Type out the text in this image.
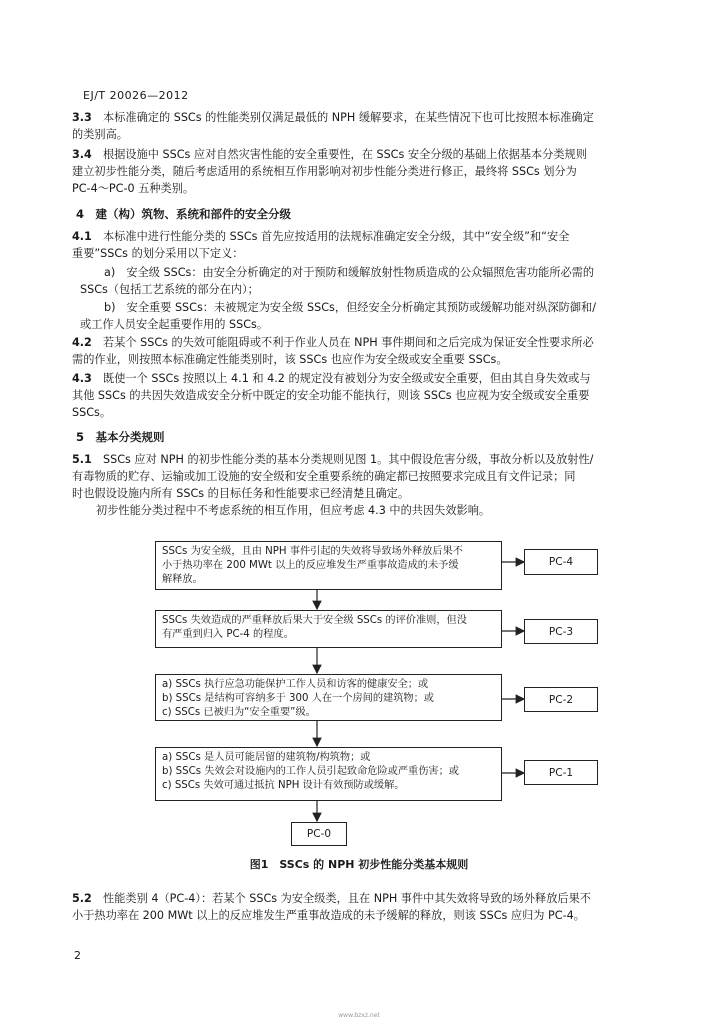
EJ/T 20026—2012
3.3　 本标准确定的 SSCs 的性能类别仅满足最低的 NPH 缓解要求，在某些情况下也可比按照本标准确定
的类别高。
3.4　 根据设施中 SSCs 应对自然灾害性能的安全重要性，在 SSCs 安全分级的基础上依据基本分类规则
建立初步性能分类，随后考虑适用的系统相互作用影响对初步性能分类进行修正，最终将 SSCs 划分为
PC-4～PC-0 五种类别。
4　 建（构）筑物、系统和部件的安全分级
4.1　 本标准中进行性能分类的 SSCs 首先应按适用的法规标准确定安全分级，其中“安全级”和“安全
重要”SSCs 的划分采用以下定义：
a)　安全级 SSCs：由安全分析确定的对于预防和缓解放射性物质造成的公众辐照危害功能所必需的
SSCs（包括工艺系统的部分在内）；
b)　安全重要 SSCs：未被规定为安全级 SSCs，但经安全分析确定其预防或缓解功能对纵深防御和/
或工作人员安全起重要作用的 SSCs。
4.2　 若某个 SSCs 的失效可能阻碍或不利于作业人员在 NPH 事件期间和之后完成为保证安全性要求所必
需的作业，则按照本标准确定性能类别时，该 SSCs 也应作为安全级或安全重要 SSCs。
4.3　 既使一个 SSCs 按照以上 4.1 和 4.2 的规定没有被划分为安全级或安全重要，但由其自身失效或与
其他 SSCs 的共因失效造成安全分析中既定的安全功能不能执行，则该 SSCs 也应视为安全级或安全重要
SSCs。
5　 基本分类规则
5.1　 SSCs 应对 NPH 的初步性能分类的基本分类规则见图 1。其中假设危害分级，事故分析以及放射性/
有毒物质的贮存、运输或加工设施的安全级和安全重要系统的确定都已按照要求完成且有文件记录；同
时也假设设施内所有 SSCs 的目标任务和性能要求已经清楚且确定。
初步性能分类过程中不考虑系统的相互作用，但应考虑 4.3 中的共因失效影响。
SSCs 为安全级，且由 NPH 事件引起的失效将导致场外释放后果不
小于热功率在 200 MWt 以上的反应堆发生严重事故造成的未予缓
解释放。
PC-4
SSCs 失效造成的严重释放后果大于安全级 SSCs 的评价准则，但没
有严重到归入 PC-4 的程度。	PC-3
a) SSCs 执行应急功能保护工作人员和访客的健康安全；或
b) SSCs 是结构可容纳多于 300 人在一个房间的建筑物；或
c) SSCs 已被归为“安全重要”级。
PC-2
a) SSCs 是人员可能居留的建筑物/构筑物；或
b) SSCs 失效会对设施内的工作人员引起致命危险或严重伤害；或
c) SSCs 失效可通过抵抗 NPH 设计有效预防或缓解。
PC-1
PC-0
图1　SSCs 的 NPH 初步性能分类基本规则
5.2　 性能类别 4（PC-4）：若某个 SSCs 为安全级类，且在 NPH 事件中其失效将导致的场外释放后果不
小于热功率在 200 MWt 以上的反应堆发生严重事故造成的未予缓解的释放，则该 SSCs 应归为 PC-4。
2
www.bzxz.net
